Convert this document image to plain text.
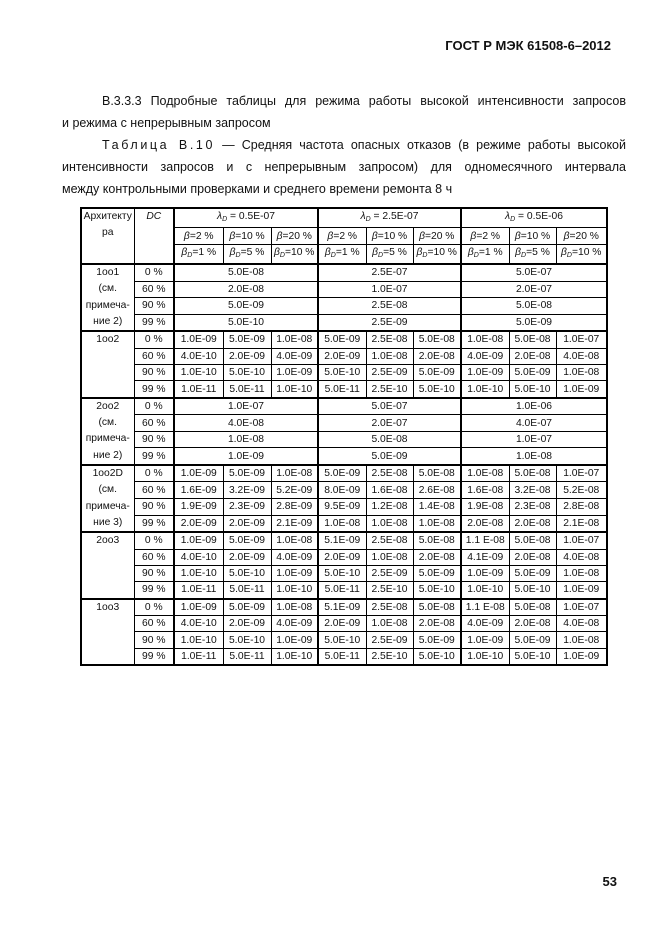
ГОСТ Р МЭК 61508-6–2012
В.3.3.3 Подробные таблицы для режима работы высокой интенсивности запросов
и режима с непрерывным запросом
Таблица В.10 — Средняя частота опасных отказов (в режиме работы высокой
интенсивности запросов и с непрерывным запросом) для одномесячного интервала
между контрольными проверками и среднего времени ремонта 8 ч
Архитекту
ра	DC	$\lambda_D = 0.5E-07$			$\lambda_D = 2.5E-07$			$\lambda_D = 0.5E-06$		
		β=2 %	β=10 %	β=20 %	β=2 %	β=10 %	β=20 %	β=2 %	β=10 %	β=20 %
		$\beta_D=1$ %	$\beta_D=5$ %	$\beta_D=10$ %	$\beta_D=1$ %	$\beta_D=5$ %	$\beta_D=10$ %	$\beta_D=1$ %	$\beta_D=5$ %	$\beta_D=10$ %
1оо1
(см.
примеча-
ние 2)	0 %	5.0E-08			2.5E-07			5.0E-07		
	60 %	2.0E-08			1.0E-07			2.0E-07		
	90 %	5.0E-09			2.5E-08			5.0E-08		
	99 %	5.0E-10			2.5E-09			5.0E-09		
1оо2	0 %	1.0E-09	5.0E-09	1.0E-08	5.0E-09	2.5E-08	5.0E-08	1.0E-08	5.0E-08	1.0E-07
	60 %	4.0E-10	2.0E-09	4.0E-09	2.0E-09	1.0E-08	2.0E-08	4.0E-09	2.0E-08	4.0E-08
	90 %	1.0E-10	5.0E-10	1.0E-09	5.0E-10	2.5E-09	5.0E-09	1.0E-09	5.0E-09	1.0E-08
	99 %	1.0E-11	5.0E-11	1.0E-10	5.0E-11	2.5E-10	5.0E-10	1.0E-10	5.0E-10	1.0E-09
2оо2
(см.
примеча-
ние 2)	0 %	1.0E-07			5.0E-07			1.0E-06		
	60 %	4.0E-08			2.0E-07			4.0E-07		
	90 %	1.0E-08			5.0E-08			1.0E-07		
	99 %	1.0E-09			5.0E-09			1.0E-08		
1оо2D
(см.
примеча-
ние 3)	0 %	1.0E-09	5.0E-09	1.0E-08	5.0E-09	2.5E-08	5.0E-08	1.0E-08	5.0E-08	1.0E-07
	60 %	1.6E-09	3.2E-09	5.2E-09	8.0E-09	1.6E-08	2.6E-08	1.6E-08	3.2E-08	5.2E-08
	90 %	1.9E-09	2.3E-09	2.8E-09	9.5E-09	1.2E-08	1.4E-08	1.9E-08	2.3E-08	2.8E-08
	99 %	2.0E-09	2.0E-09	2.1E-09	1.0E-08	1.0E-08	1.0E-08	2.0E-08	2.0E-08	2.1E-08
2оо3	0 %	1.0E-09	5.0E-09	1.0E-08	5.1E-09	2.5E-08	5.0E-08	1.1 E-08	5.0E-08	1.0E-07
	60 %	4.0E-10	2.0E-09	4.0E-09	2.0E-09	1.0E-08	2.0E-08	4.1E-09	2.0E-08	4.0E-08
	90 %	1.0E-10	5.0E-10	1.0E-09	5.0E-10	2.5E-09	5.0E-09	1.0E-09	5.0E-09	1.0E-08
	99 %	1.0E-11	5.0E-11	1.0E-10	5.0E-11	2.5E-10	5.0E-10	1.0E-10	5.0E-10	1.0E-09
1оо3	0 %	1.0E-09	5.0E-09	1.0E-08	5.1E-09	2.5E-08	5.0E-08	1.1 E-08	5.0E-08	1.0E-07
	60 %	4.0E-10	2.0E-09	4.0E-09	2.0E-09	1.0E-08	2.0E-08	4.0E-09	2.0E-08	4.0E-08
	90 %	1.0E-10	5.0E-10	1.0E-09	5.0E-10	2.5E-09	5.0E-09	1.0E-09	5.0E-09	1.0E-08
	99 %	1.0E-11	5.0E-11	1.0E-10	5.0E-11	2.5E-10	5.0E-10	1.0E-10	5.0E-10	1.0E-09
53
